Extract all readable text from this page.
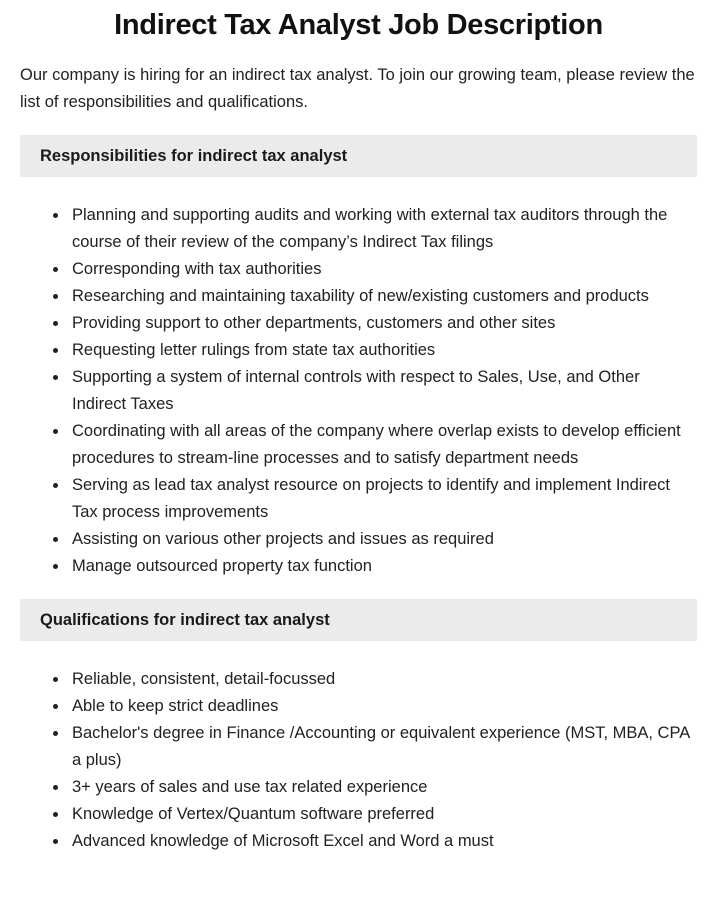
Indirect Tax Analyst Job Description

Our company is hiring for an indirect tax analyst. To join our growing team, please review the list of responsibilities and qualifications.

Responsibilities for indirect tax analyst
• Planning and supporting audits and working with external tax auditors through the course of their review of the company’s Indirect Tax filings
• Corresponding with tax authorities
• Researching and maintaining taxability of new/existing customers and products
• Providing support to other departments, customers and other sites
• Requesting letter rulings from state tax authorities
• Supporting a system of internal controls with respect to Sales, Use, and Other Indirect Taxes
• Coordinating with all areas of the company where overlap exists to develop efficient procedures to stream-line processes and to satisfy department needs
• Serving as lead tax analyst resource on projects to identify and implement Indirect Tax process improvements
• Assisting on various other projects and issues as required
• Manage outsourced property tax function
Qualifications for indirect tax analyst
• Reliable, consistent, detail-focussed
• Able to keep strict deadlines
• Bachelor's degree in Finance /Accounting or equivalent experience (MST, MBA, CPA a plus)
• 3+ years of sales and use tax related experience
• Knowledge of Vertex/Quantum software preferred
• Advanced knowledge of Microsoft Excel and Word a must
